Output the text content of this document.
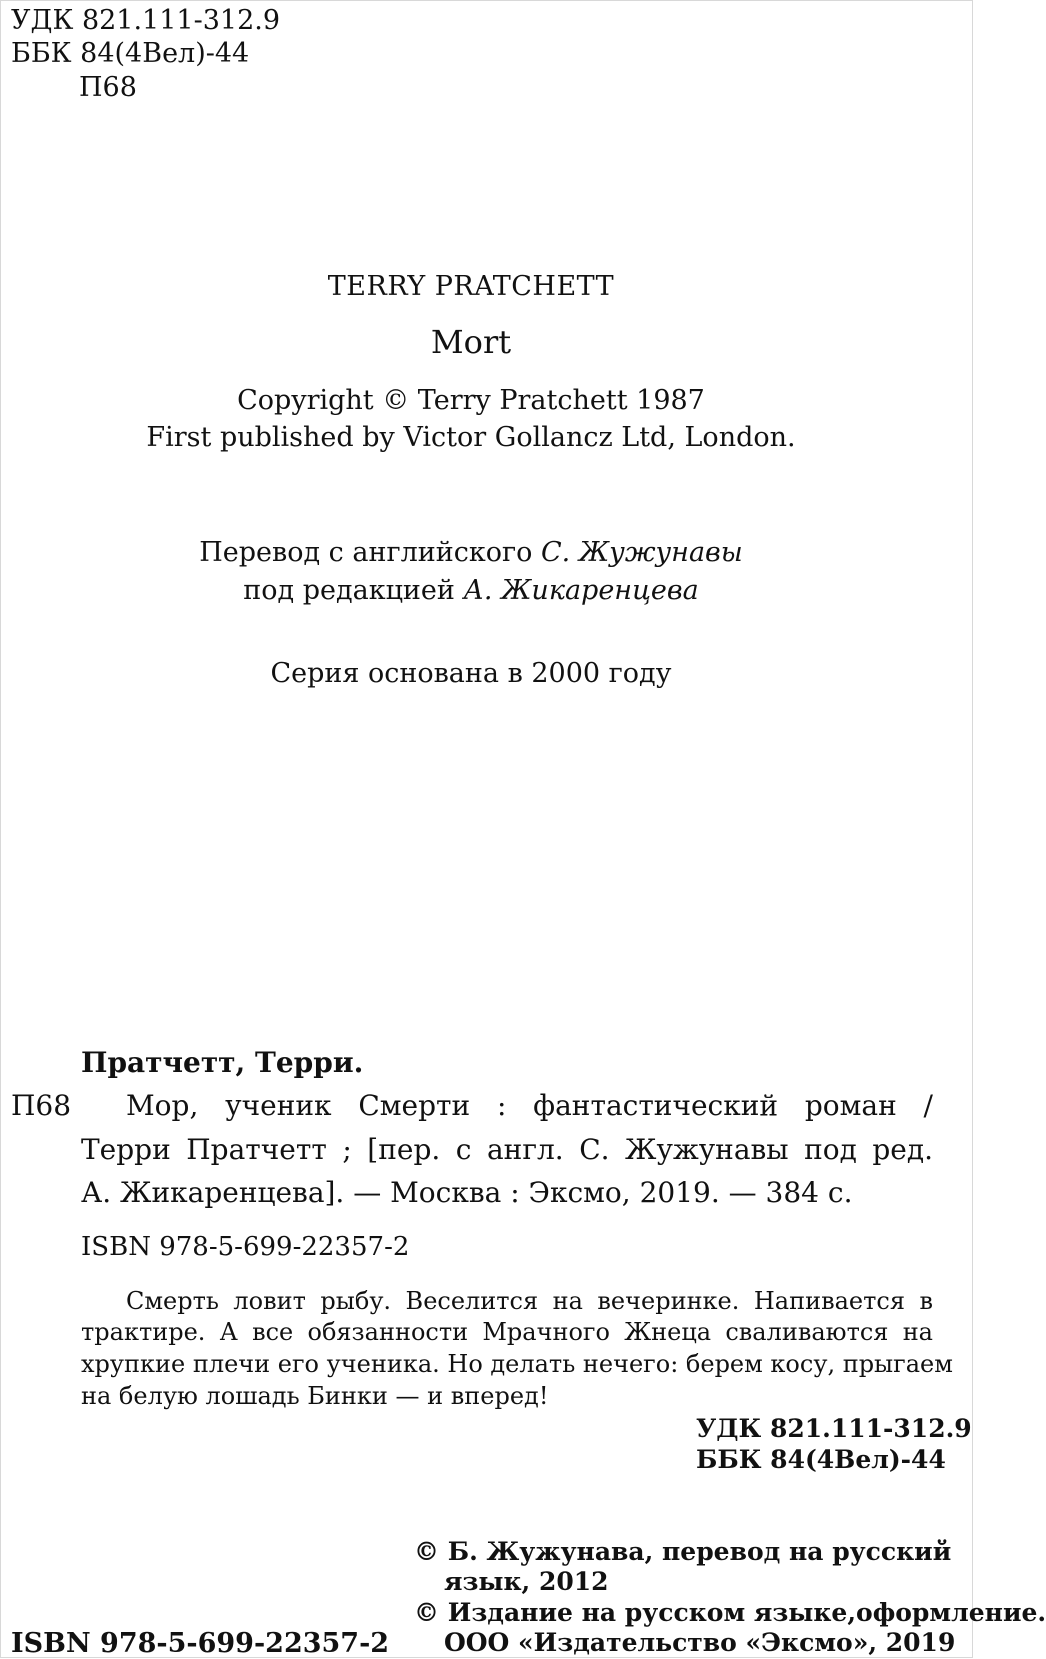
УДК 821.111-312.9
ББК 84(4Вел)-44
П68
TERRY PRATCHETT
Mort
Copyright © Terry Pratchett 1987
First published by Victor Gollancz Ltd, London.
Перевод с английского С. Жужунавы
под редакцией А. Жикаренцева
Серия основана в 2000 году
Пратчетт, Терри.
П68 Мор, ученик Смерти : фантастический роман /
Терри Пратчетт ; [пер. с англ. С. Жужунавы под ред.
А. Жикаренцева]. — Москва : Эксмо, 2019. — 384 с.
ISBN 978-5-699-22357-2
Смерть ловит рыбу. Веселится на вечеринке. Напивается в
трактире. А все обязанности Мрачного Жнеца сваливаются на
хрупкие плечи его ученика. Но делать нечего: берем косу, прыгаем
на белую лошадь Бинки — и вперед!
УДК 821.111-312.9
ББК 84(4Вел)-44
© Б. Жужунава, перевод на русский
язык, 2012
© Издание на русском языке,оформление.
ООО «Издательство «Эксмо», 2019
ISBN 978-5-699-22357-2
